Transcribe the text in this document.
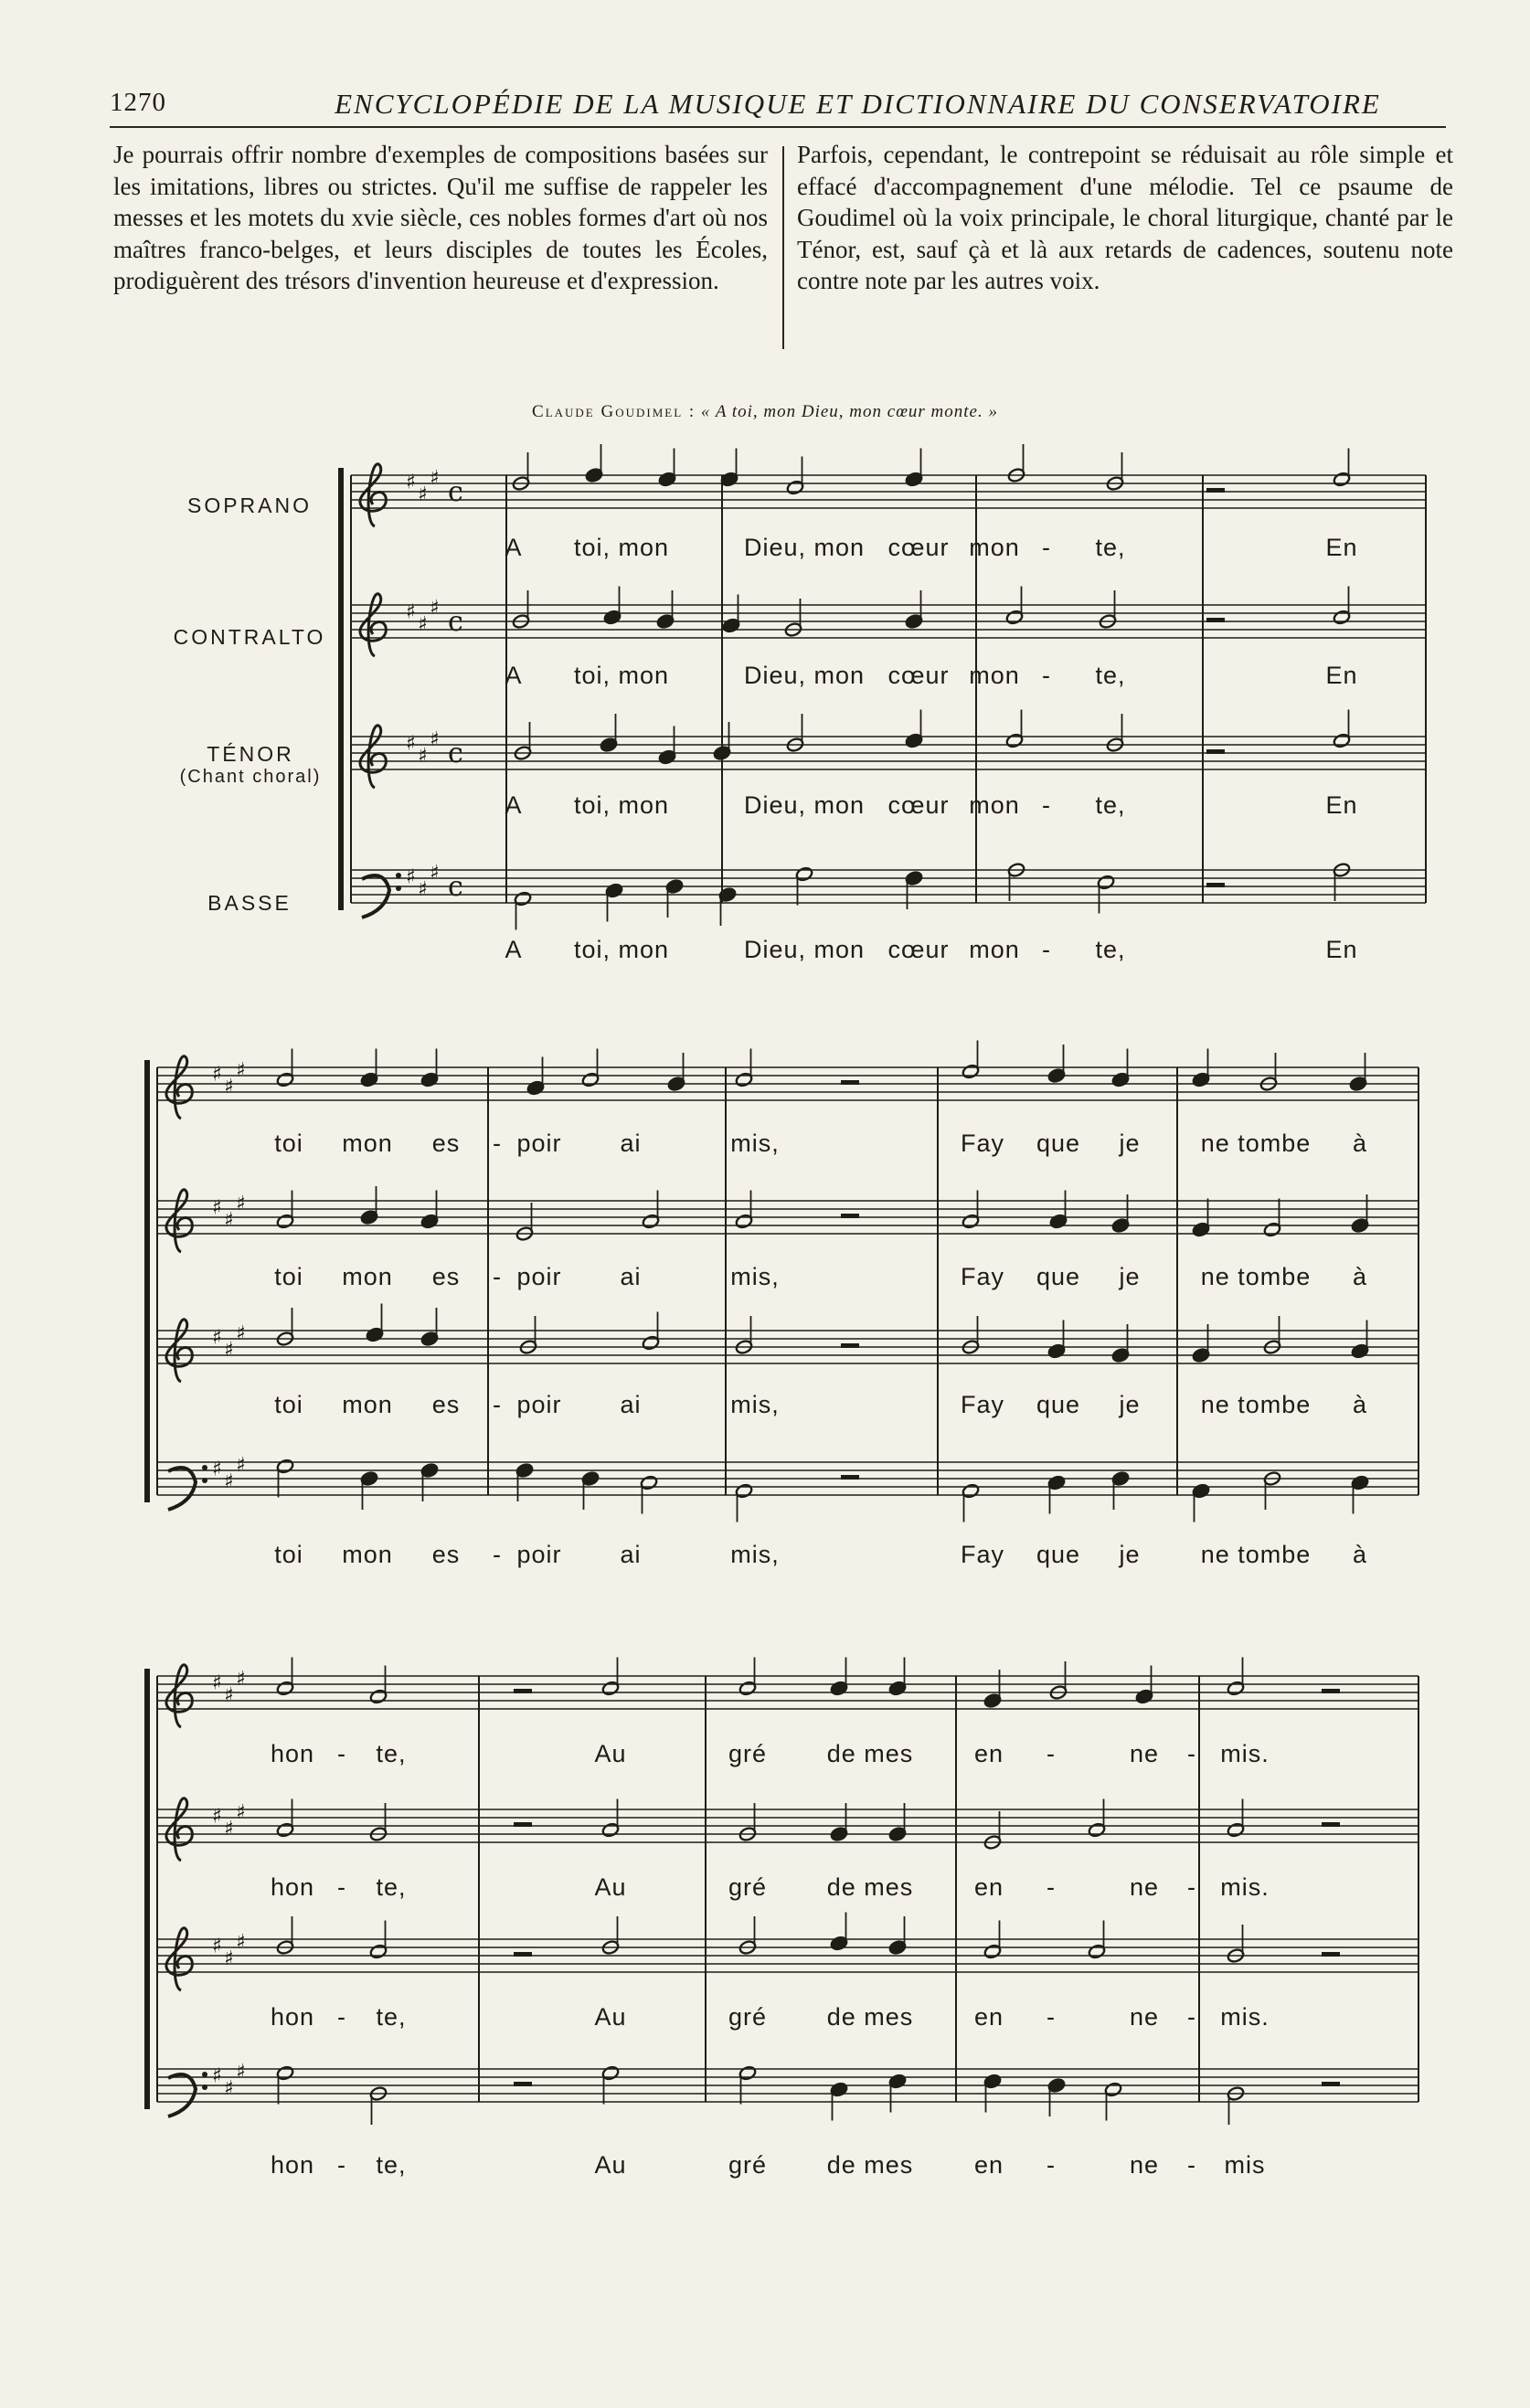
1270	ENCYCLOPÉDIE DE LA MUSIQUE ET DICTIONNAIRE DU CONSERVATOIRE
Je pourrais offrir nombre d'exemples de compositions basées sur les imitations, libres ou strictes. Qu'il me suffise de rappeler les messes et les motets du xvie siècle, ces nobles formes d'art où nos maîtres franco-belges, et leurs disciples de toutes les Écoles, prodiguèrent des trésors d'invention heureuse et d'expression.
Parfois, cependant, le contrepoint se réduisait au rôle simple et effacé d'accompagnement d'une mélodie. Tel ce psaume de Goudimel où la voix principale, le choral liturgique, chanté par le Ténor, est, sauf çà et là aux retards de cadences, soutenu note contre note par les autres voix.
Claude Goudimel : « A toi, mon Dieu, mon cœur monte. »
SOPRANO
CONTRALTO
TÉNOR
(Chant choral)
BASSE
♯
♯
♯ c
♯
♯
♯ c
♯
♯
♯ c
♯
♯
♯ c
♯
♯
♯
♯
♯
♯
♯
♯
♯
♯
♯
♯
♯
♯
♯
♯
♯
♯
♯
♯
♯
♯
♯
♯
A toi, mon	Dieu, mon cœur mon - te,	En
A toi, mon	Dieu, mon cœur mon - te,	En
A toi, mon	Dieu, mon cœur mon - te,	En
A toi, mon	Dieu, mon cœur mon - te,	En
toi mon es - poir ai	mis,	Fay que je ne tombe à
toi mon es - poir ai	mis,	Fay que je ne tombe à
toi mon es - poir ai	mis,	Fay que je ne tombe à
toi mon es - poir ai	mis,	Fay que je ne tombe à
hon - te,	Au	gré de mes en -	ne - mis.
hon - te,	Au	gré de mes en -	ne - mis.
hon - te,	Au	gré de mes en -	ne - mis.
hon - te,	Au	gré de mes en -	ne - mis
